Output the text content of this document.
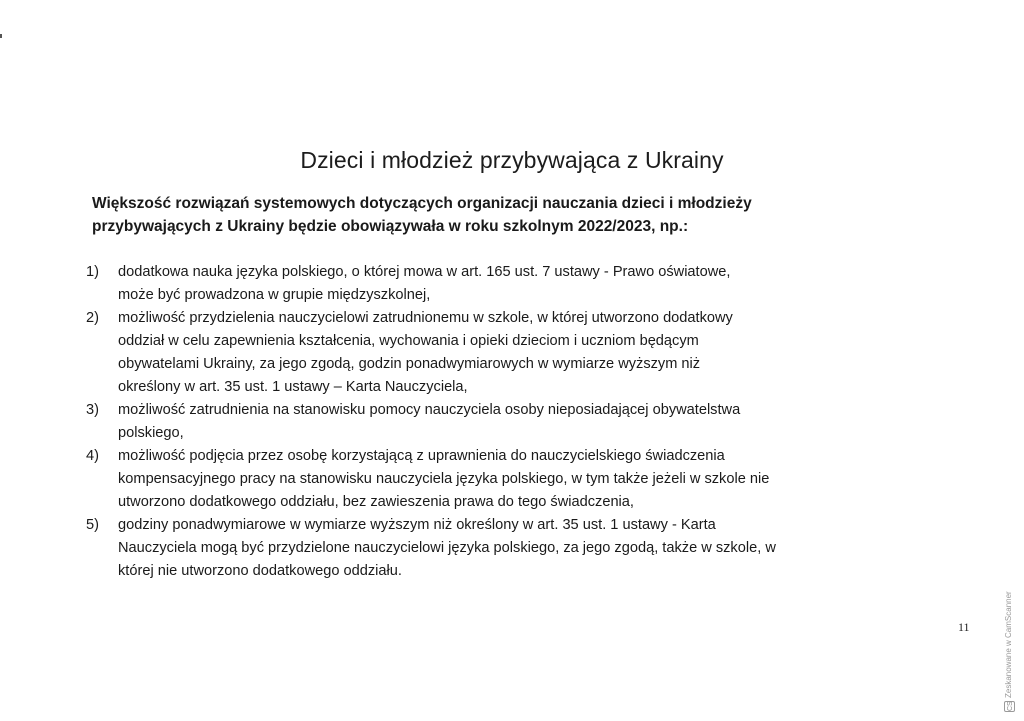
Dzieci i młodzież przybywająca z Ukrainy
Większość rozwiązań systemowych dotyczących organizacji nauczania dzieci i młodzieży
przybywających z Ukrainy będzie obowiązywała w roku szkolnym 2022/2023, np.:
1) dodatkowa nauka języka polskiego, o której mowa w art. 165 ust. 7 ustawy - Prawo oświatowe,
może być prowadzona w grupie międzyszkolnej,
2) możliwość przydzielenia nauczycielowi zatrudnionemu w szkole, w której utworzono dodatkowy
oddział w celu zapewnienia kształcenia, wychowania i opieki dzieciom i uczniom będącym
obywatelami Ukrainy, za jego zgodą, godzin ponadwymiarowych w wymiarze wyższym niż
określony w art. 35 ust. 1 ustawy – Karta Nauczyciela,
3) możliwość zatrudnienia na stanowisku pomocy nauczyciela osoby nieposiadającej obywatelstwa
polskiego,
4) możliwość podjęcia przez osobę korzystającą z uprawnienia do nauczycielskiego świadczenia
kompensacyjnego pracy na stanowisku nauczyciela języka polskiego, w tym także jeżeli w szkole nie
utworzono dodatkowego oddziału, bez zawieszenia prawa do tego świadczenia,
5) godziny ponadwymiarowe w wymiarze wyższym niż określony w art. 35 ust. 1 ustawy - Karta
Nauczyciela mogą być przydzielone nauczycielowi języka polskiego, za jego zgodą, także w szkole, w
której nie utworzono dodatkowego oddziału.
11	Zeskanowane w CamScanner
CS
